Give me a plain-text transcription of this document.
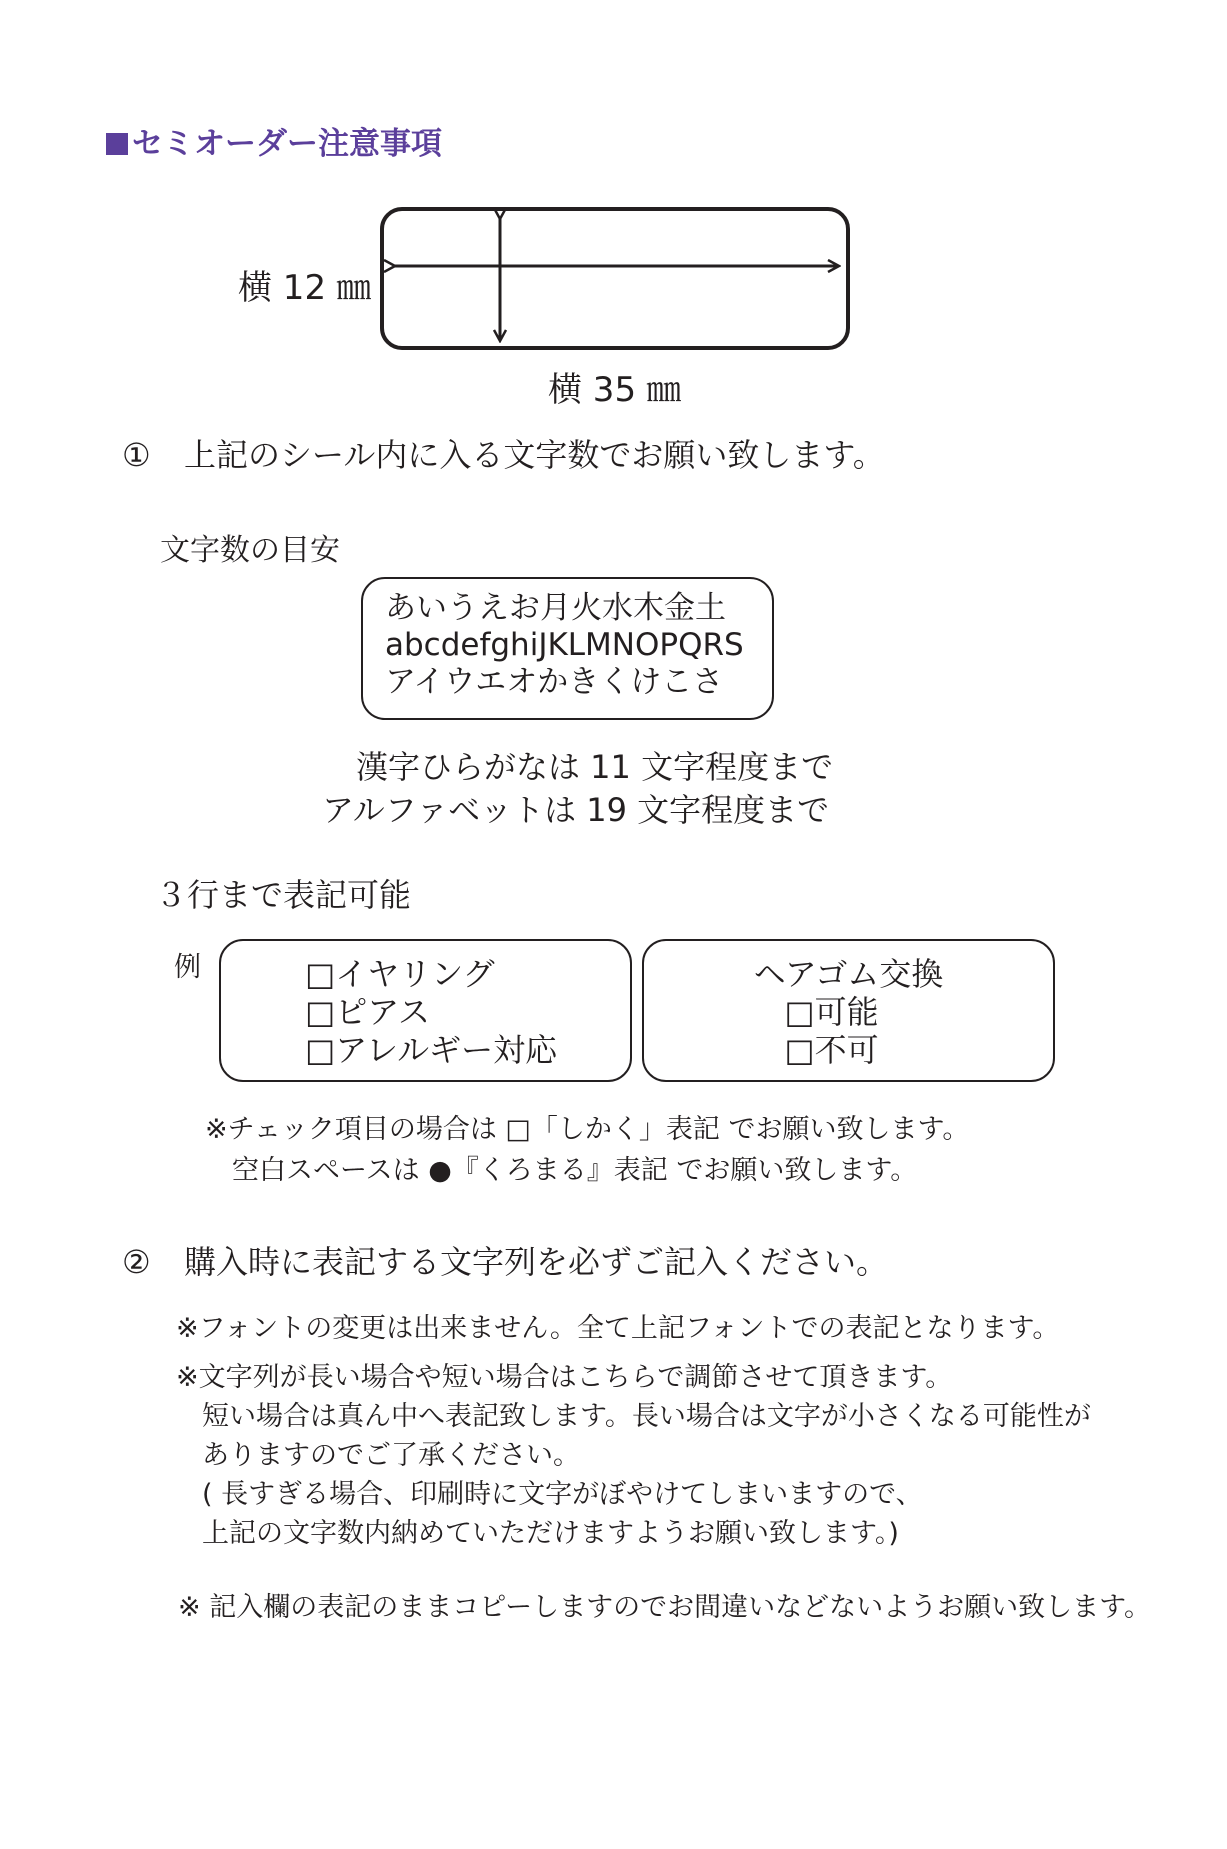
セミオーダー注意事項
横 12 ㎜
横 35 ㎜
① 上記のシール内に入る文字数でお願い致します。
文字数の目安
あいうえお月火水木金土
abcdefghiJKLMNOPQRS
アイウエオかきくけこさ
漢字ひらがなは 11 文字程度まで
アルファベットは 19 文字程度まで
３行まで表記可能
例	□イヤリング
□ピアス
□アレルギー対応
ヘアゴム交換
□可能
□不可
※チェック項目の場合は □「しかく」表記 でお願い致します。
空白スペースは ●『くろまる』表記 でお願い致します。
② 購入時に表記する文字列を必ずご記入ください。
※フォントの変更は出来ません。全て上記フォントでの表記となります。
※文字列が長い場合や短い場合はこちらで調節させて頂きます。
短い場合は真ん中へ表記致します。長い場合は文字が小さくなる可能性が
ありますのでご了承ください。
( 長すぎる場合、印刷時に文字がぼやけてしまいますので、
上記の文字数内納めていただけますようお願い致します。)
※ 記入欄の表記のままコピーしますのでお間違いなどないようお願い致します。
